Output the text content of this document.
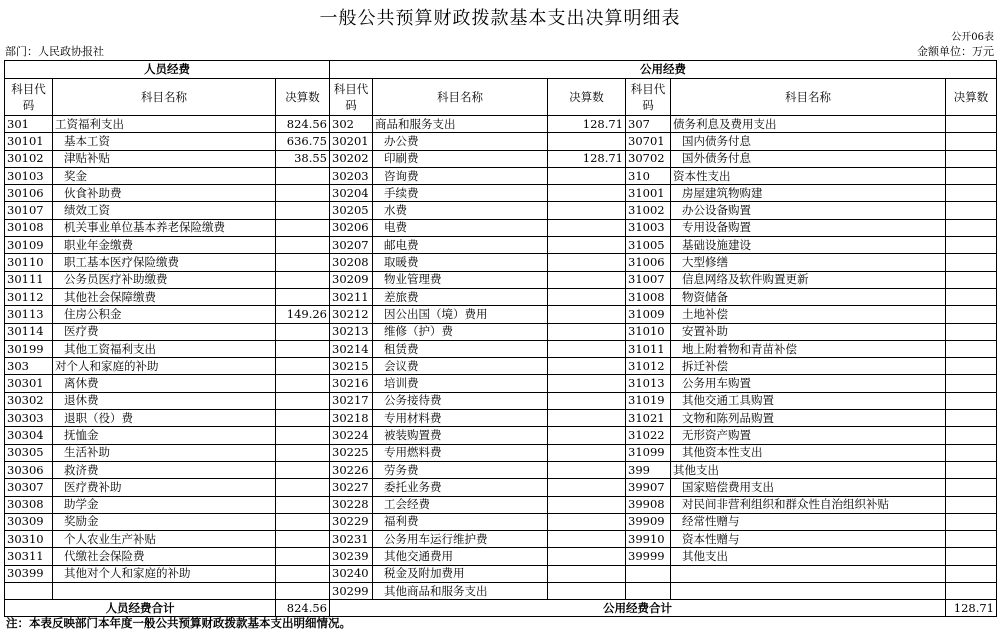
一般公共预算财政拨款基本支出决算明细表
公开06表
部门：人民政协报社	金额单位：万元
人员经费			公用经费					
科目代码	科目名称	决算数	科目代码	科目名称	决算数	科目代码	科目名称	决算数
301	工资福利支出	824.56	302	商品和服务支出	128.71	307	债务利息及费用支出	
30101	基本工资	636.75	30201	办公费		30701	国内债务付息	
30102	津贴补贴	38.55	30202	印刷费	128.71	30702	国外债务付息	
30103	奖金		30203	咨询费		310	资本性支出	
30106	伙食补助费		30204	手续费		31001	房屋建筑物购建	
30107	绩效工资		30205	水费		31002	办公设备购置	
30108	机关事业单位基本养老保险缴费		30206	电费		31003	专用设备购置	
30109	职业年金缴费		30207	邮电费		31005	基础设施建设	
30110	职工基本医疗保险缴费		30208	取暖费		31006	大型修缮	
30111	公务员医疗补助缴费		30209	物业管理费		31007	信息网络及软件购置更新	
30112	其他社会保障缴费		30211	差旅费		31008	物资储备	
30113	住房公积金	149.26	30212	因公出国（境）费用		31009	土地补偿	
30114	医疗费		30213	维修（护）费		31010	安置补助	
30199	其他工资福利支出		30214	租赁费		31011	地上附着物和青苗补偿	
303	对个人和家庭的补助		30215	会议费		31012	拆迁补偿	
30301	离休费		30216	培训费		31013	公务用车购置	
30302	退休费		30217	公务接待费		31019	其他交通工具购置	
30303	退职（役）费		30218	专用材料费		31021	文物和陈列品购置	
30304	抚恤金		30224	被装购置费		31022	无形资产购置	
30305	生活补助		30225	专用燃料费		31099	其他资本性支出	
30306	救济费		30226	劳务费		399	其他支出	
30307	医疗费补助		30227	委托业务费		39907	国家赔偿费用支出	
30308	助学金		30228	工会经费		39908	对民间非营利组织和群众性自治组织补贴	
30309	奖励金		30229	福利费		39909	经常性赠与	
30310	个人农业生产补贴		30231	公务用车运行维护费		39910	资本性赠与	
30311	代缴社会保险费		30239	其他交通费用		39999	其他支出	
30399	其他对个人和家庭的补助		30240	税金及附加费用				
			30299	其他商品和服务支出				
人员经费合计		824.56	公用经费合计					128.71
注：本表反映部门本年度一般公共预算财政拨款基本支出明细情况。
